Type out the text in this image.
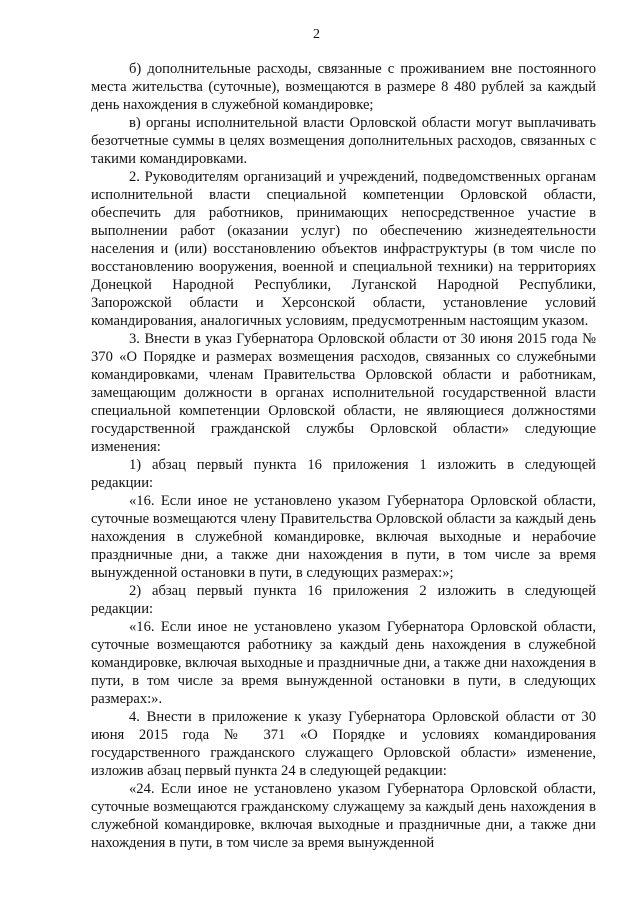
2

б) дополнительные расходы, связанные с проживанием вне постоянного места жительства (суточные), возмещаются в размере 8 480 рублей за каждый день нахождения в служебной командировке;

в) органы исполнительной власти Орловской области могут выплачивать безотчетные суммы в целях возмещения дополнительных расходов, связанных с такими командировками.

2. Руководителям организаций и учреждений, подведомственных органам исполнительной власти специальной компетенции Орловской области, обеспечить для работников, принимающих непосредственное участие в выполнении работ (оказании услуг) по обеспечению жизнедеятельности населения и (или) восстановлению объектов инфраструктуры (в том числе по восстановлению вооружения, военной и специальной техники) на территориях Донецкой Народной Республики, Луганской Народной Республики, Запорожской области и Херсонской области, установление условий командирования, аналогичных условиям, предусмотренным настоящим указом.

3. Внести в указ Губернатора Орловской области от 30 июня 2015 года № 370 «О Порядке и размерах возмещения расходов, связанных со служебными командировками, членам Правительства Орловской области и работникам, замещающим должности в органах исполнительной государственной власти специальной компетенции Орловской области, не являющиеся должностями государственной гражданской службы Орловской области» следующие изменения:

1) абзац первый пункта 16 приложения 1 изложить в следующей редакции:

«16. Если иное не установлено указом Губернатора Орловской области, суточные возмещаются члену Правительства Орловской области за каждый день нахождения в служебной командировке, включая выходные и нерабочие праздничные дни, а также дни нахождения в пути, в том числе за время вынужденной остановки в пути, в следующих размерах:»;

2) абзац первый пункта 16 приложения 2 изложить в следующей редакции:

«16. Если иное не установлено указом Губернатора Орловской области, суточные возмещаются работнику за каждый день нахождения в служебной командировке, включая выходные и праздничные дни, а также дни нахождения в пути, в том числе за время вынужденной остановки в пути, в следующих размерах:».

4. Внести в приложение к указу Губернатора Орловской области от 30 июня 2015 года № 371 «О Порядке и условиях командирования государственного гражданского служащего Орловской области» изменение, изложив абзац первый пункта 24 в следующей редакции:

«24. Если иное не установлено указом Губернатора Орловской области, суточные возмещаются гражданскому служащему за каждый день нахождения в служебной командировке, включая выходные и праздничные дни, а также дни нахождения в пути, в том числе за время вынужденной
